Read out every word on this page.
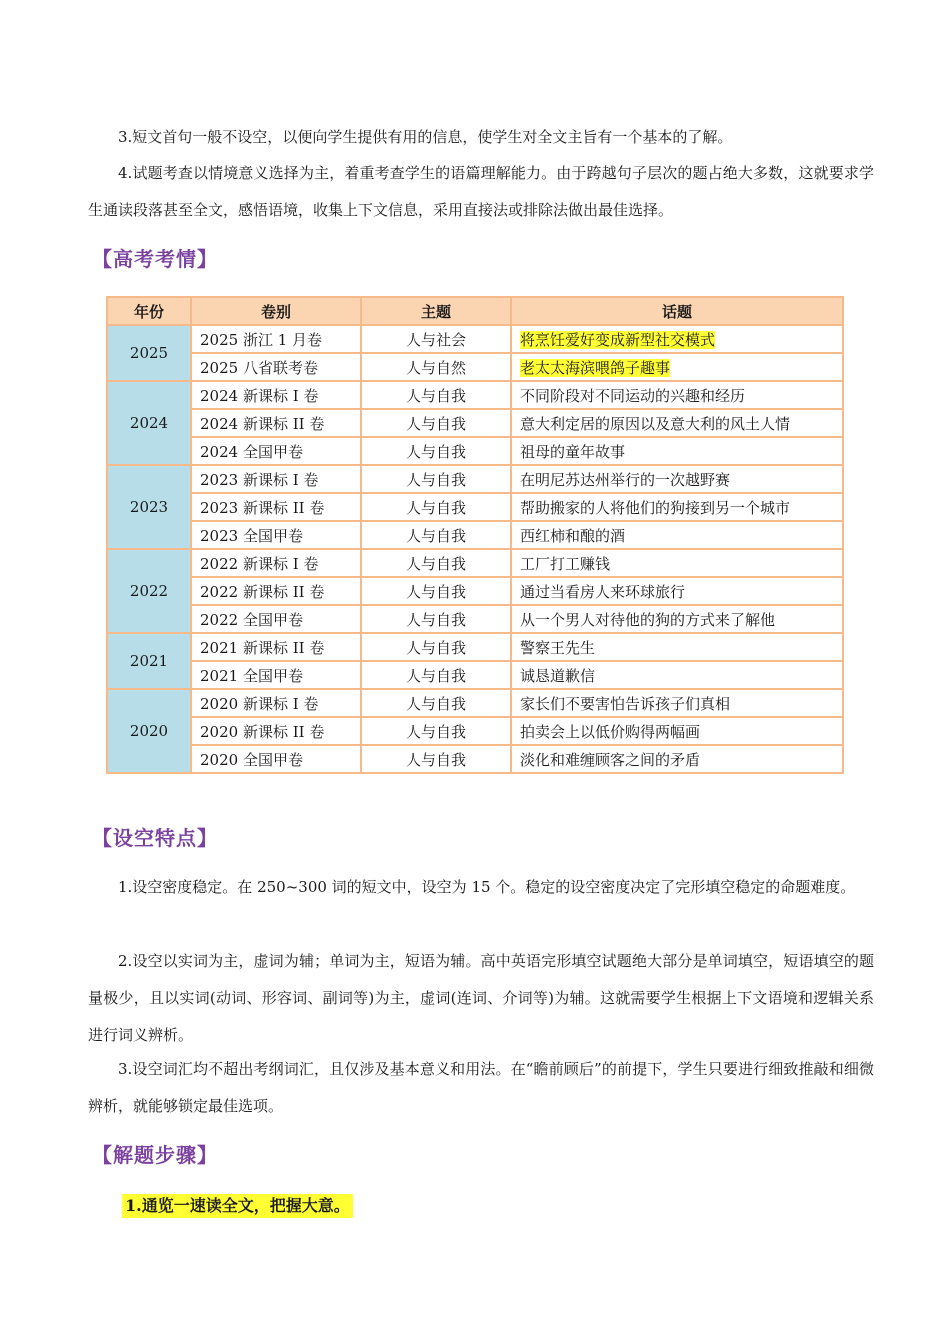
3.短文首句一般不设空，以便向学生提供有用的信息，使学生对全文主旨有一个基本的了解。

4.试题考查以情境意义选择为主，着重考查学生的语篇理解能力。由于跨越句子层次的题占绝大多数，这就要求学生通读段落甚至全文，感悟语境，收集上下文信息，采用直接法或排除法做出最佳选择。

【高考考情】
年份	卷别	主题	话题
2025	2025 浙江 1 月卷	人与社会	将烹饪爱好变成新型社交模式
	2025 八省联考卷	人与自然	老太太海滨喂鸽子趣事
2024	2024 新课标 I 卷	人与自我	不同阶段对不同运动的兴趣和经历
	2024 新课标 II 卷	人与自我	意大利定居的原因以及意大利的风土人情
	2024 全国甲卷	人与自我	祖母的童年故事
2023	2023 新课标 I 卷	人与自我	在明尼苏达州举行的一次越野赛
	2023 新课标 II 卷	人与自我	帮助搬家的人将他们的狗接到另一个城市
	2023 全国甲卷	人与自我	西红柿和酿的酒
2022	2022 新课标 I 卷	人与自我	工厂打工赚钱
	2022 新课标 II 卷	人与自我	通过当看房人来环球旅行
	2022 全国甲卷	人与自我	从一个男人对待他的狗的方式来了解他
2021	2021 新课标 II 卷	人与自我	警察王先生
	2021 全国甲卷	人与自我	诚恳道歉信
2020	2020 新课标 I 卷	人与自我	家长们不要害怕告诉孩子们真相
	2020 新课标 II 卷	人与自我	拍卖会上以低价购得两幅画
	2020 全国甲卷	人与自我	淡化和难缠顾客之间的矛盾
【设空特点】

1.设空密度稳定。在 250~300 词的短文中，设空为 15 个。稳定的设空密度决定了完形填空稳定的命题难度。

2.设空以实词为主，虚词为辅；单词为主，短语为辅。高中英语完形填空试题绝大部分是单词填空，短语填空的题量极少，且以实词(动词、形容词、副词等)为主，虚词(连词、介词等)为辅。这就需要学生根据上下文语境和逻辑关系进行词义辨析。

3.设空词汇均不超出考纲词汇，且仅涉及基本意义和用法。在“瞻前顾后”的前提下，学生只要进行细致推敲和细微辨析，就能够锁定最佳选项。

【解题步骤】
1.通览一速读全文，把握大意。
